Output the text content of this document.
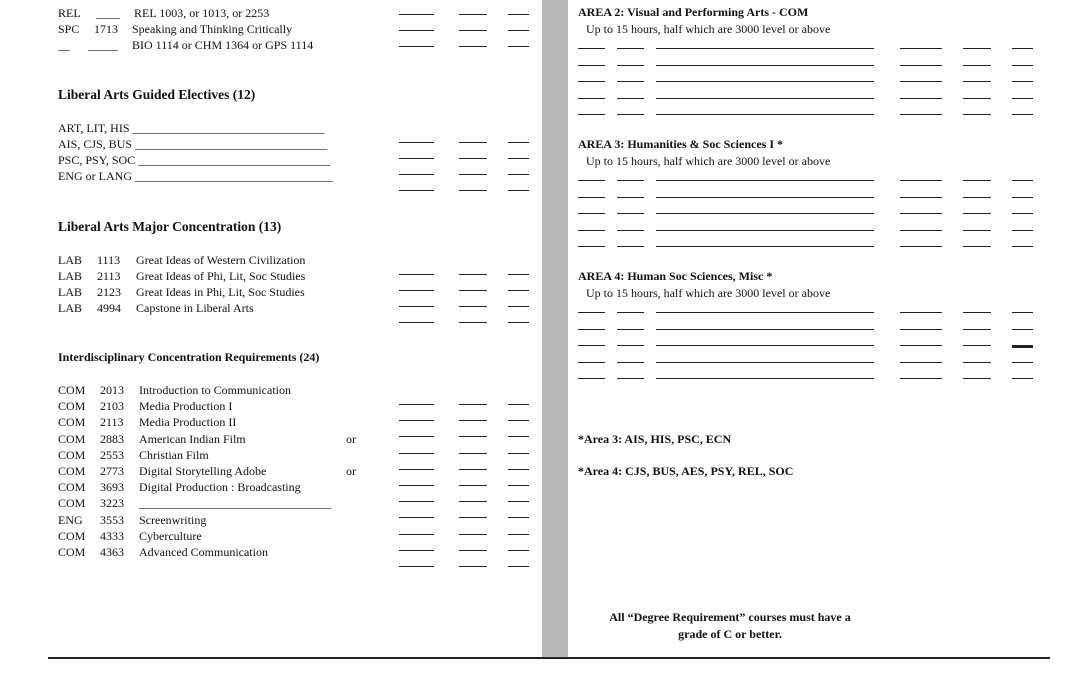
REL ____ REL 1003, or 1013, or 2253
SPC 1713 Speaking and Thinking Critically
__ _____ BIO 1114 or CHM 1364 or GPS 1114
Liberal Arts Guided Electives (12)
ART, LIT, HIS ________________________________
AIS, CJS, BUS ________________________________
PSC, PSY, SOC ________________________________
ENG or LANG _________________________________
Liberal Arts Major Concentration (13)
LAB 1113 Great Ideas of Western Civilization
LAB 2113 Great Ideas of Phi, Lit, Soc Studies
LAB 2123 Great Ideas in Phi, Lit, Soc Studies
LAB 4994 Capstone in Liberal Arts
Interdisciplinary Concentration Requirements (24)
COM 2013 Introduction to Communication
COM 2103 Media Production I
COM 2113 Media Production II
COM 2883 American Indian Film	or
COM 2553 Christian Film
COM 2773 Digital Storytelling Adobe	or
COM 3693 Digital Production : Broadcasting
COM 3223 ________________________________
ENG 3553 Screenwriting
COM 4333 Cyberculture
COM 4363 Advanced Communication
AREA 2: Visual and Performing Arts - COM
Up to 15 hours, half which are 3000 level or above
AREA 3: Humanities & Soc Sciences I *
Up to 15 hours, half which are 3000 level or above
AREA 4: Human Soc Sciences, Misc *
Up to 15 hours, half which are 3000 level or above
*Area 3: AIS, HIS, PSC, ECN
*Area 4: CJS, BUS, AES, PSY, REL, SOC
All “Degree Requirement” courses must have a
grade of C or better.
